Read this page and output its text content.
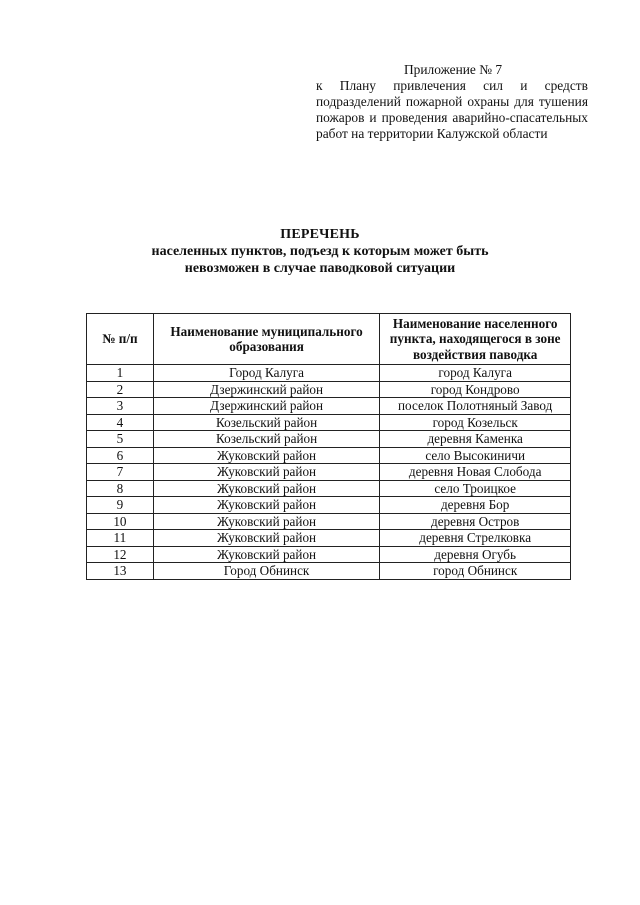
Приложение № 7
к Плану привлечения сил и средств подразделений пожарной охраны для тушения пожаров и проведения аварийно-спасательных работ на территории Калужской области
ПЕРЕЧЕНЬ
населенных пунктов, подъезд к которым может быть
невозможен в случае паводковой ситуации
№ п/п	Наименование муниципального образования	Наименование населенного пункта, находящегося в зоне воздействия паводка
1	Город Калуга	город Калуга
2	Дзержинский район	город Кондрово
3	Дзержинский район	поселок Полотняный Завод
4	Козельский район	город Козельск
5	Козельский район	деревня Каменка
6	Жуковский район	село Высокиничи
7	Жуковский район	деревня Новая Слобода
8	Жуковский район	село Троицкое
9	Жуковский район	деревня Бор
10	Жуковский район	деревня Остров
11	Жуковский район	деревня Стрелковка
12	Жуковский район	деревня Огубь
13	Город Обнинск	город Обнинск
